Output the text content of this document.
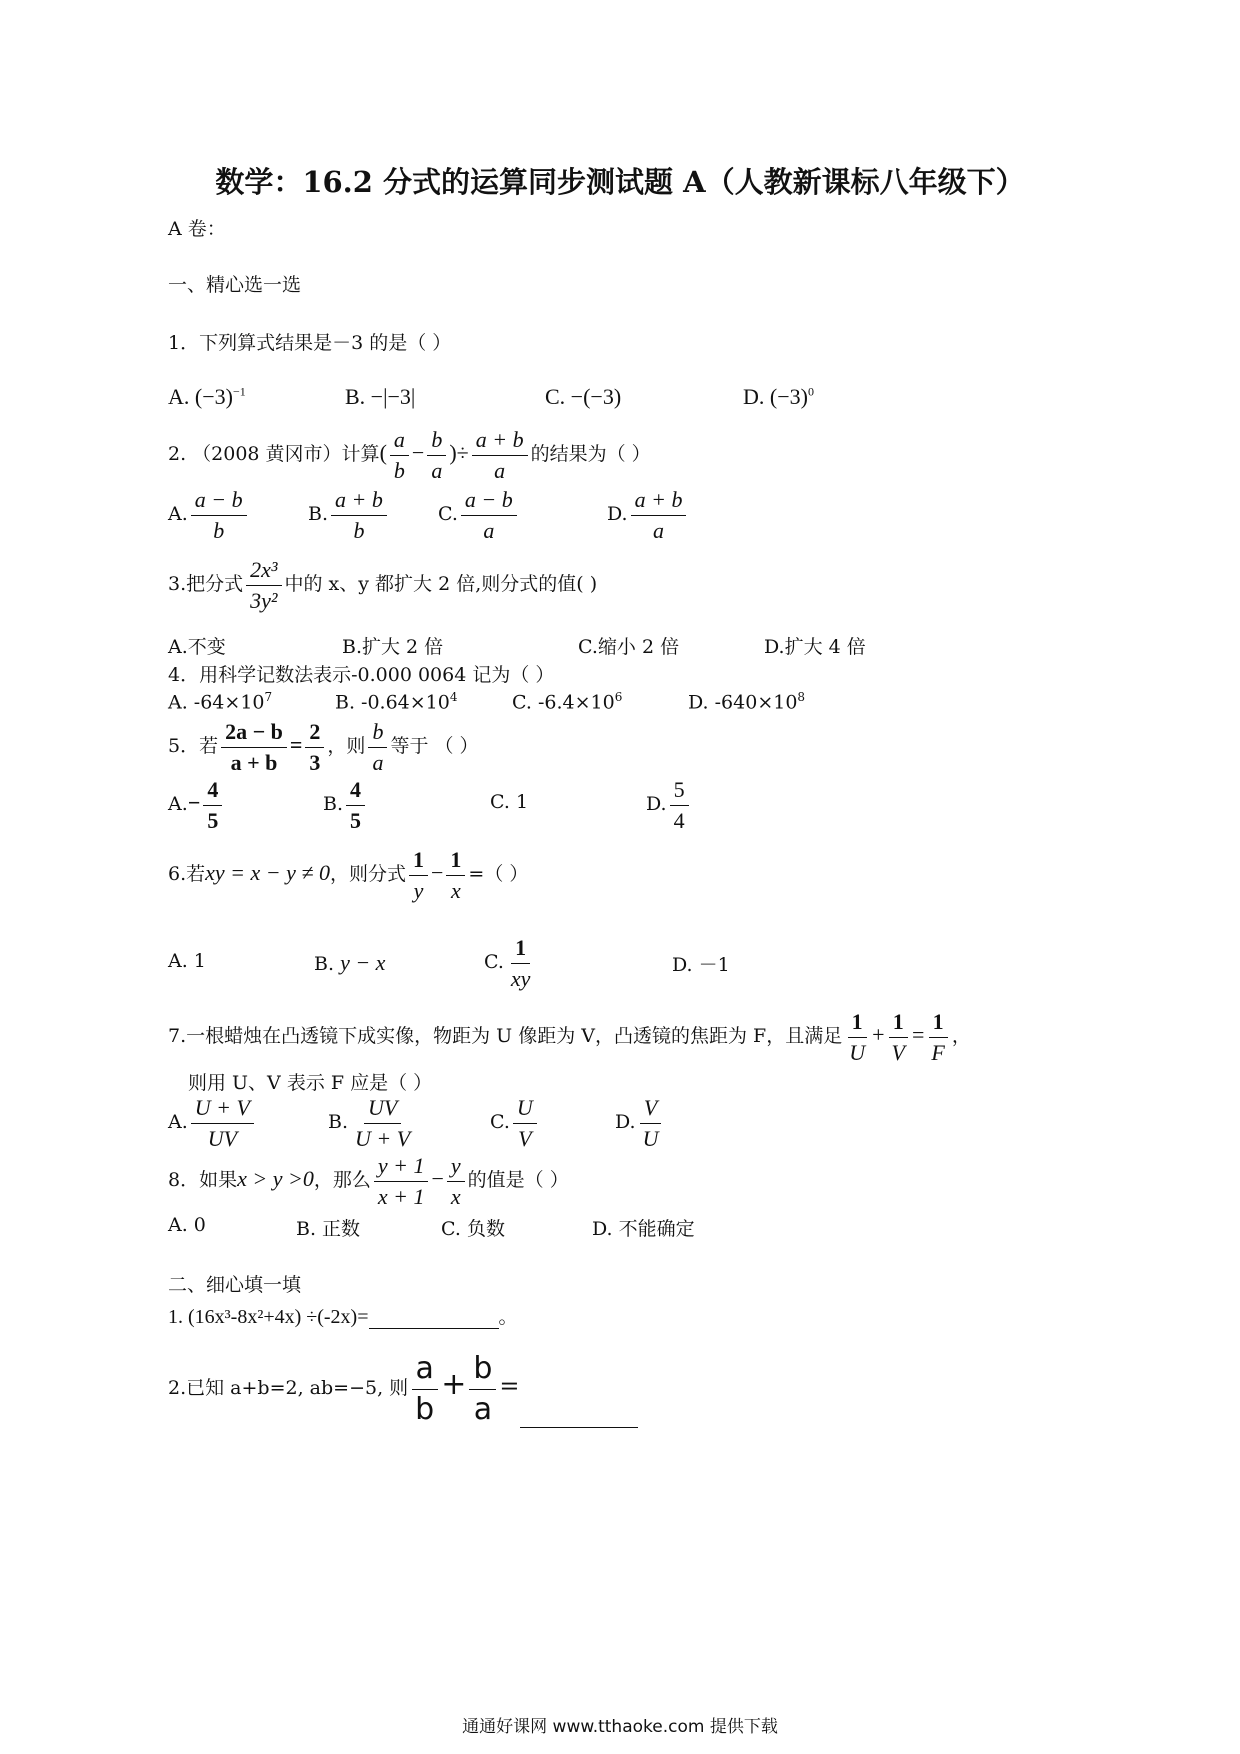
数学：16.2 分式的运算同步测试题 A（人教新课标八年级下）
A 卷：
一、精心选一选
1．下列算式结果是－3 的是（ ）
A. $(-3)^{-1}$	B. −|−3|	C. −(−3)	D. $(-3)^0$
2. （2008 黄冈市）计算( $\frac{a}{b} - \frac{b}{a}$ )÷ $\frac{a + b}{a}$ 的结果为（ ）
A. $\frac{a - b}{b}$	B. $\frac{a + b}{b}$	C. $\frac{a - b}{a}$	D. $\frac{a + b}{a}$
3.把分式 $\frac{\text{2x³}}{\text{3y²}}$ 中的 x、y 都扩大 2 倍,则分式的值( )
A.不变	B.扩大 2 倍	C.缩小 2 倍	D.扩大 4 倍
4．用科学记数法表示-0.000 0064 记为（ ）
A. $-64\times 10^7$	B. $-0.64\times 10^4$	C. $-6.4\times 10^6$	D. $-640\times 10^8$
5．若 $\frac{2a - b}{a + b} = \frac{2}{3}$ ，则 $\frac{b}{a}$ 等于 （ ）
$A.- \frac{4}{5}$	B. $\frac{4}{5}$	C. 1	D. $\frac{5}{4}$
6.若xy = x − y ≠ 0，则分式 $\frac{1}{y} - \frac{1}{x}$ =（ ）
A. 1	B. y − x	C. $\frac{1}{xy}$	D. －1
7.一根蜡烛在凸透镜下成实像，物距为 U 像距为 V，凸透镜的焦距为 F，且满足 $\frac{1}{U} + \frac{1}{V} = \frac{1}{F}$ ，
则用 U、V 表示 F 应是（ ）
A. $\frac{U + V}{UV}$	B. $\frac{UV}{U + V}$	C. $\frac{U}{V}$	D. $\frac{V}{U}$
8．如果x > y >0，那么 $\frac{y + 1}{x + 1} - \frac{y}{x}$ 的值是（ ）
A. 0	B. 正数	C. 负数	D. 不能确定
二、细心填一填
1. (16x³-8x²+4x) ÷(-2x)=	。
2.已知 a+b=2, ab=−5, 则 $\frac{a}{b} + \frac{b}{a}$ =
通通好课网 www.tthaoke.com 提供下载
